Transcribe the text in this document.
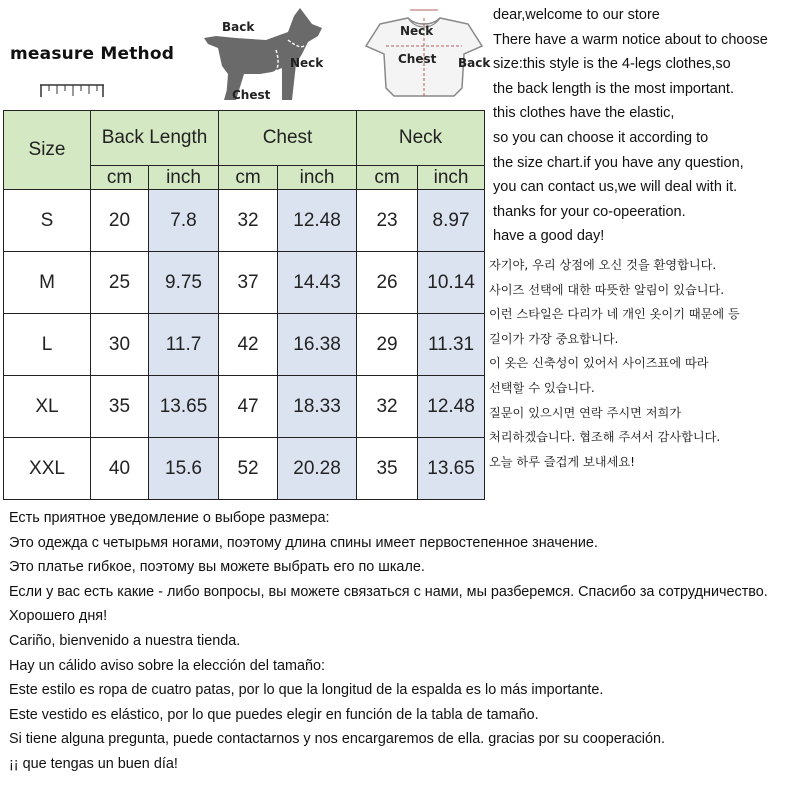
measure Method
Back
Neck
Chest
Neck
Chest Back
Size	Back Length		Chest		Neck	
	cm	inch	cm	inch	cm	inch
S	20	7.8	32	12.48	23	8.97
M	25	9.75	37	14.43	26	10.14
L	30	11.7	42	16.38	29	11.31
XL	35	13.65	47	18.33	32	12.48
XXL	40	15.6	52	20.28	35	13.65
dear,welcome to our store
There have a warm notice about to choose
size:this style is the 4-legs clothes,so
the back length is the most important.
this clothes have the elastic,
so you can choose it according to
the size chart.if you have any question,
you can contact us,we will deal with it.
thanks for your co-opeeration.
have a good day!
자기야, 우리 상점에 오신 것을 환영합니다.
사이즈 선택에 대한 따뜻한 알림이 있습니다.
이런 스타일은 다리가 네 개인 옷이기 때문에 등
길이가 가장 중요합니다.
이 옷은 신축성이 있어서 사이즈표에 따라
선택할 수 있습니다.
질문이 있으시면 연락 주시면 저희가
처리하겠습니다. 협조해 주셔서 감사합니다.
오늘 하루 즐겁게 보내세요!
Есть приятное уведомление о выборе размера:
Это одежда с четырьмя ногами, поэтому длина спины имеет первостепенное значение.
Это платье гибкое, поэтому вы можете выбрать его по шкале.
Если у вас есть какие - либо вопросы, вы можете связаться с нами, мы разберемся. Спасибо за сотрудничество.
Хорошего дня!
Cariño, bienvenido a nuestra tienda.
Hay un cálido aviso sobre la elección del tamaño:
Este estilo es ropa de cuatro patas, por lo que la longitud de la espalda es lo más importante.
Este vestido es elástico, por lo que puedes elegir en función de la tabla de tamaño.
Si tiene alguna pregunta, puede contactarnos y nos encargaremos de ella. gracias por su cooperación.
¡¡ que tengas un buen día!
